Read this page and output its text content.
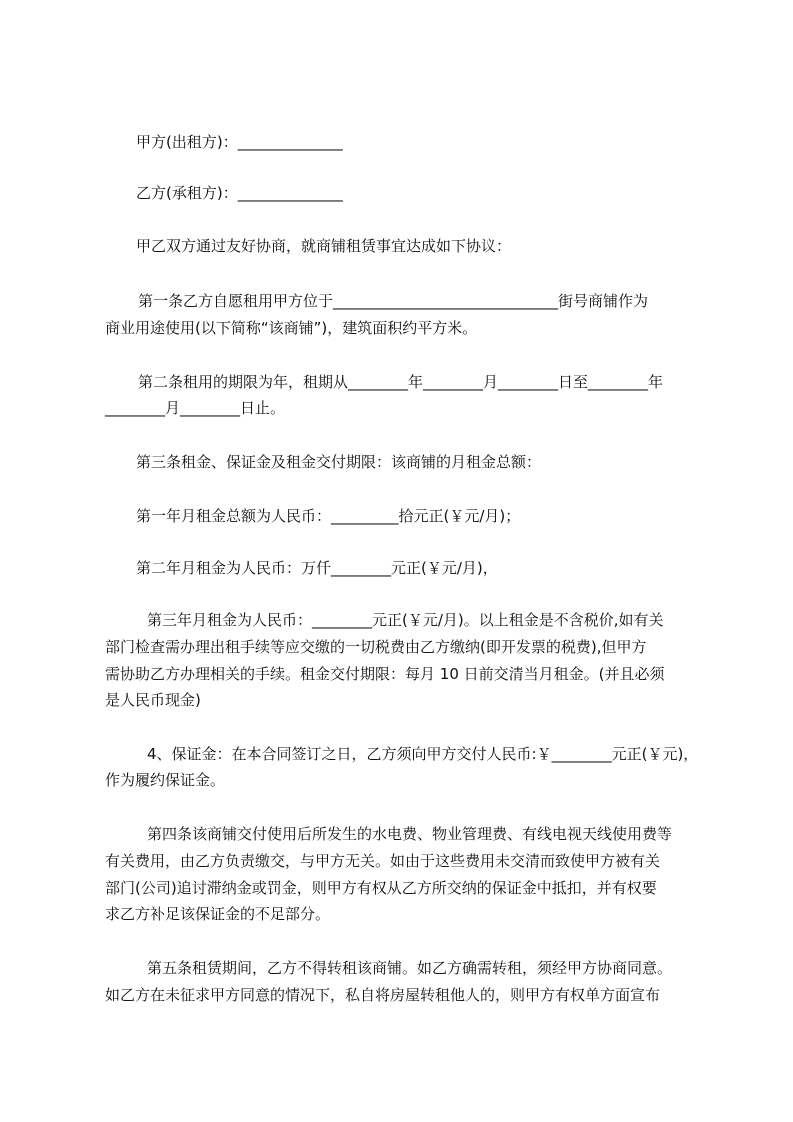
甲方(出租方)：______________
乙方(承租方)：______________
甲乙双方通过友好协商，就商铺租赁事宜达成如下协议：
第一条乙方自愿租用甲方位于______________________________街号商铺作为
商业用途使用(以下简称“该商铺”)，建筑面积约平方米。
第二条租用的期限为年，租期从________年________月________日至________年
________月________日止。
第三条租金、保证金及租金交付期限：该商铺的月租金总额：
第一年月租金总额为人民币：_________拾元正(￥元/月)；
第二年月租金为人民币：万仟________元正(￥元/月)，
第三年月租金为人民币：________元正(￥元/月)。以上租金是不含税价,如有关
部门检查需办理出租手续等应交缴的一切税费由乙方缴纳(即开发票的税费),但甲方
需协助乙方办理相关的手续。租金交付期限：每月 10 日前交清当月租金。(并且必须
是人民币现金)
4、保证金：在本合同签订之日，乙方须向甲方交付人民币:￥________元正(￥元)，
作为履约保证金。
第四条该商铺交付使用后所发生的水电费、物业管理费、有线电视天线使用费等
有关费用，由乙方负责缴交，与甲方无关。如由于这些费用未交清而致使甲方被有关
部门(公司)追讨滞纳金或罚金，则甲方有权从乙方所交纳的保证金中抵扣，并有权要
求乙方补足该保证金的不足部分。
第五条租赁期间，乙方不得转租该商铺。如乙方确需转租，须经甲方协商同意。
如乙方在未征求甲方同意的情况下，私自将房屋转租他人的，则甲方有权单方面宣布
